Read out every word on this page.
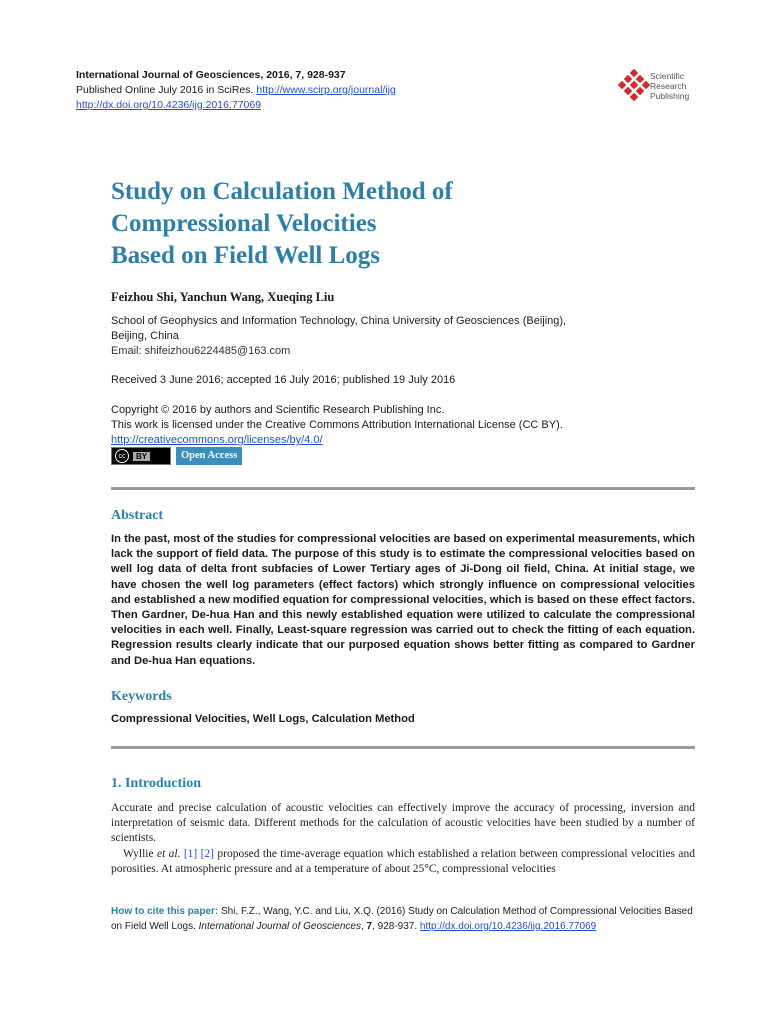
International Journal of Geosciences, 2016, 7, 928-937
Published Online July 2016 in SciRes. http://www.scirp.org/journal/ijg
http://dx.doi.org/10.4236/ijg.2016.77069
Scientific
Research
Publishing
Study on Calculation Method of
Compressional Velocities
Based on Field Well Logs
Feizhou Shi, Yanchun Wang, Xueqing Liu
School of Geophysics and Information Technology, China University of Geosciences (Beijing),
Beijing, China
Email: shifeizhou6224485@163.com
Received 3 June 2016; accepted 16 July 2016; published 19 July 2016
Copyright © 2016 by authors and Scientific Research Publishing Inc.
This work is licensed under the Creative Commons Attribution International License (CC BY).
http://creativecommons.org/licenses/by/4.0/
cc	BY	Open Access
Abstract
In the past, most of the studies for compressional velocities are based on experimental measurements, which lack the support of field data. The purpose of this study is to estimate the compressional velocities based on well log data of delta front subfacies of Lower Tertiary ages of Ji-Dong oil field, China. At initial stage, we have chosen the well log parameters (effect factors) which strongly influence on compressional velocities and established a new modified equation for compressional velocities, which is based on these effect factors. Then Gardner, De-hua Han and this newly established equation were utilized to calculate the compressional velocities in each well. Finally, Least-square regression was carried out to check the fitting of each equation. Regression results clearly indicate that our purposed equation shows better fitting as compared to Gardner and De-hua Han equations.
Keywords
Compressional Velocities, Well Logs, Calculation Method
1. Introduction

Accurate and precise calculation of acoustic velocities can effectively improve the accuracy of processing, inversion and interpretation of seismic data. Different methods for the calculation of acoustic velocities have been studied by a number of scientists.

Wyllie et al. [1] [2] proposed the time-average equation which established a relation between compressional velocities and porosities. At atmospheric pressure and at a temperature of about 25°C, compressional velocities

How to cite this paper: Shi, F.Z., Wang, Y.C. and Liu, X.Q. (2016) Study on Calculation Method of Compressional Velocities Based on Field Well Logs. International Journal of Geosciences, 7, 928-937. http://dx.doi.org/10.4236/ijg.2016.77069
